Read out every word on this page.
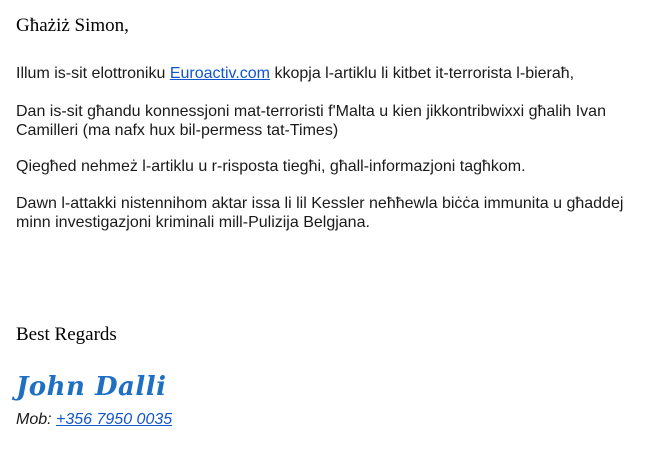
Għażiż Simon,
Illum is-sit elottroniku Euroactiv.com kkopja l-artiklu li kitbet it-terrorista l-bieraħ,
Dan is-sit għandu konnessjoni mat-terroristi f'Malta u kien jikkontribwixxi għalih Ivan Camilleri (ma nafx hux bil-permess tat-Times)
Qiegħed nehmeż l-artiklu u r-risposta tiegħi, għall-informazjoni tagħkom.
Dawn l-attakki nistennihom aktar issa li lil Kessler neħħewla biċċa immunita u għaddej minn investigazjoni kriminali mill-Pulizija Belgjana.
Best Regards
John Dalli
Mob: +356 7950 0035
